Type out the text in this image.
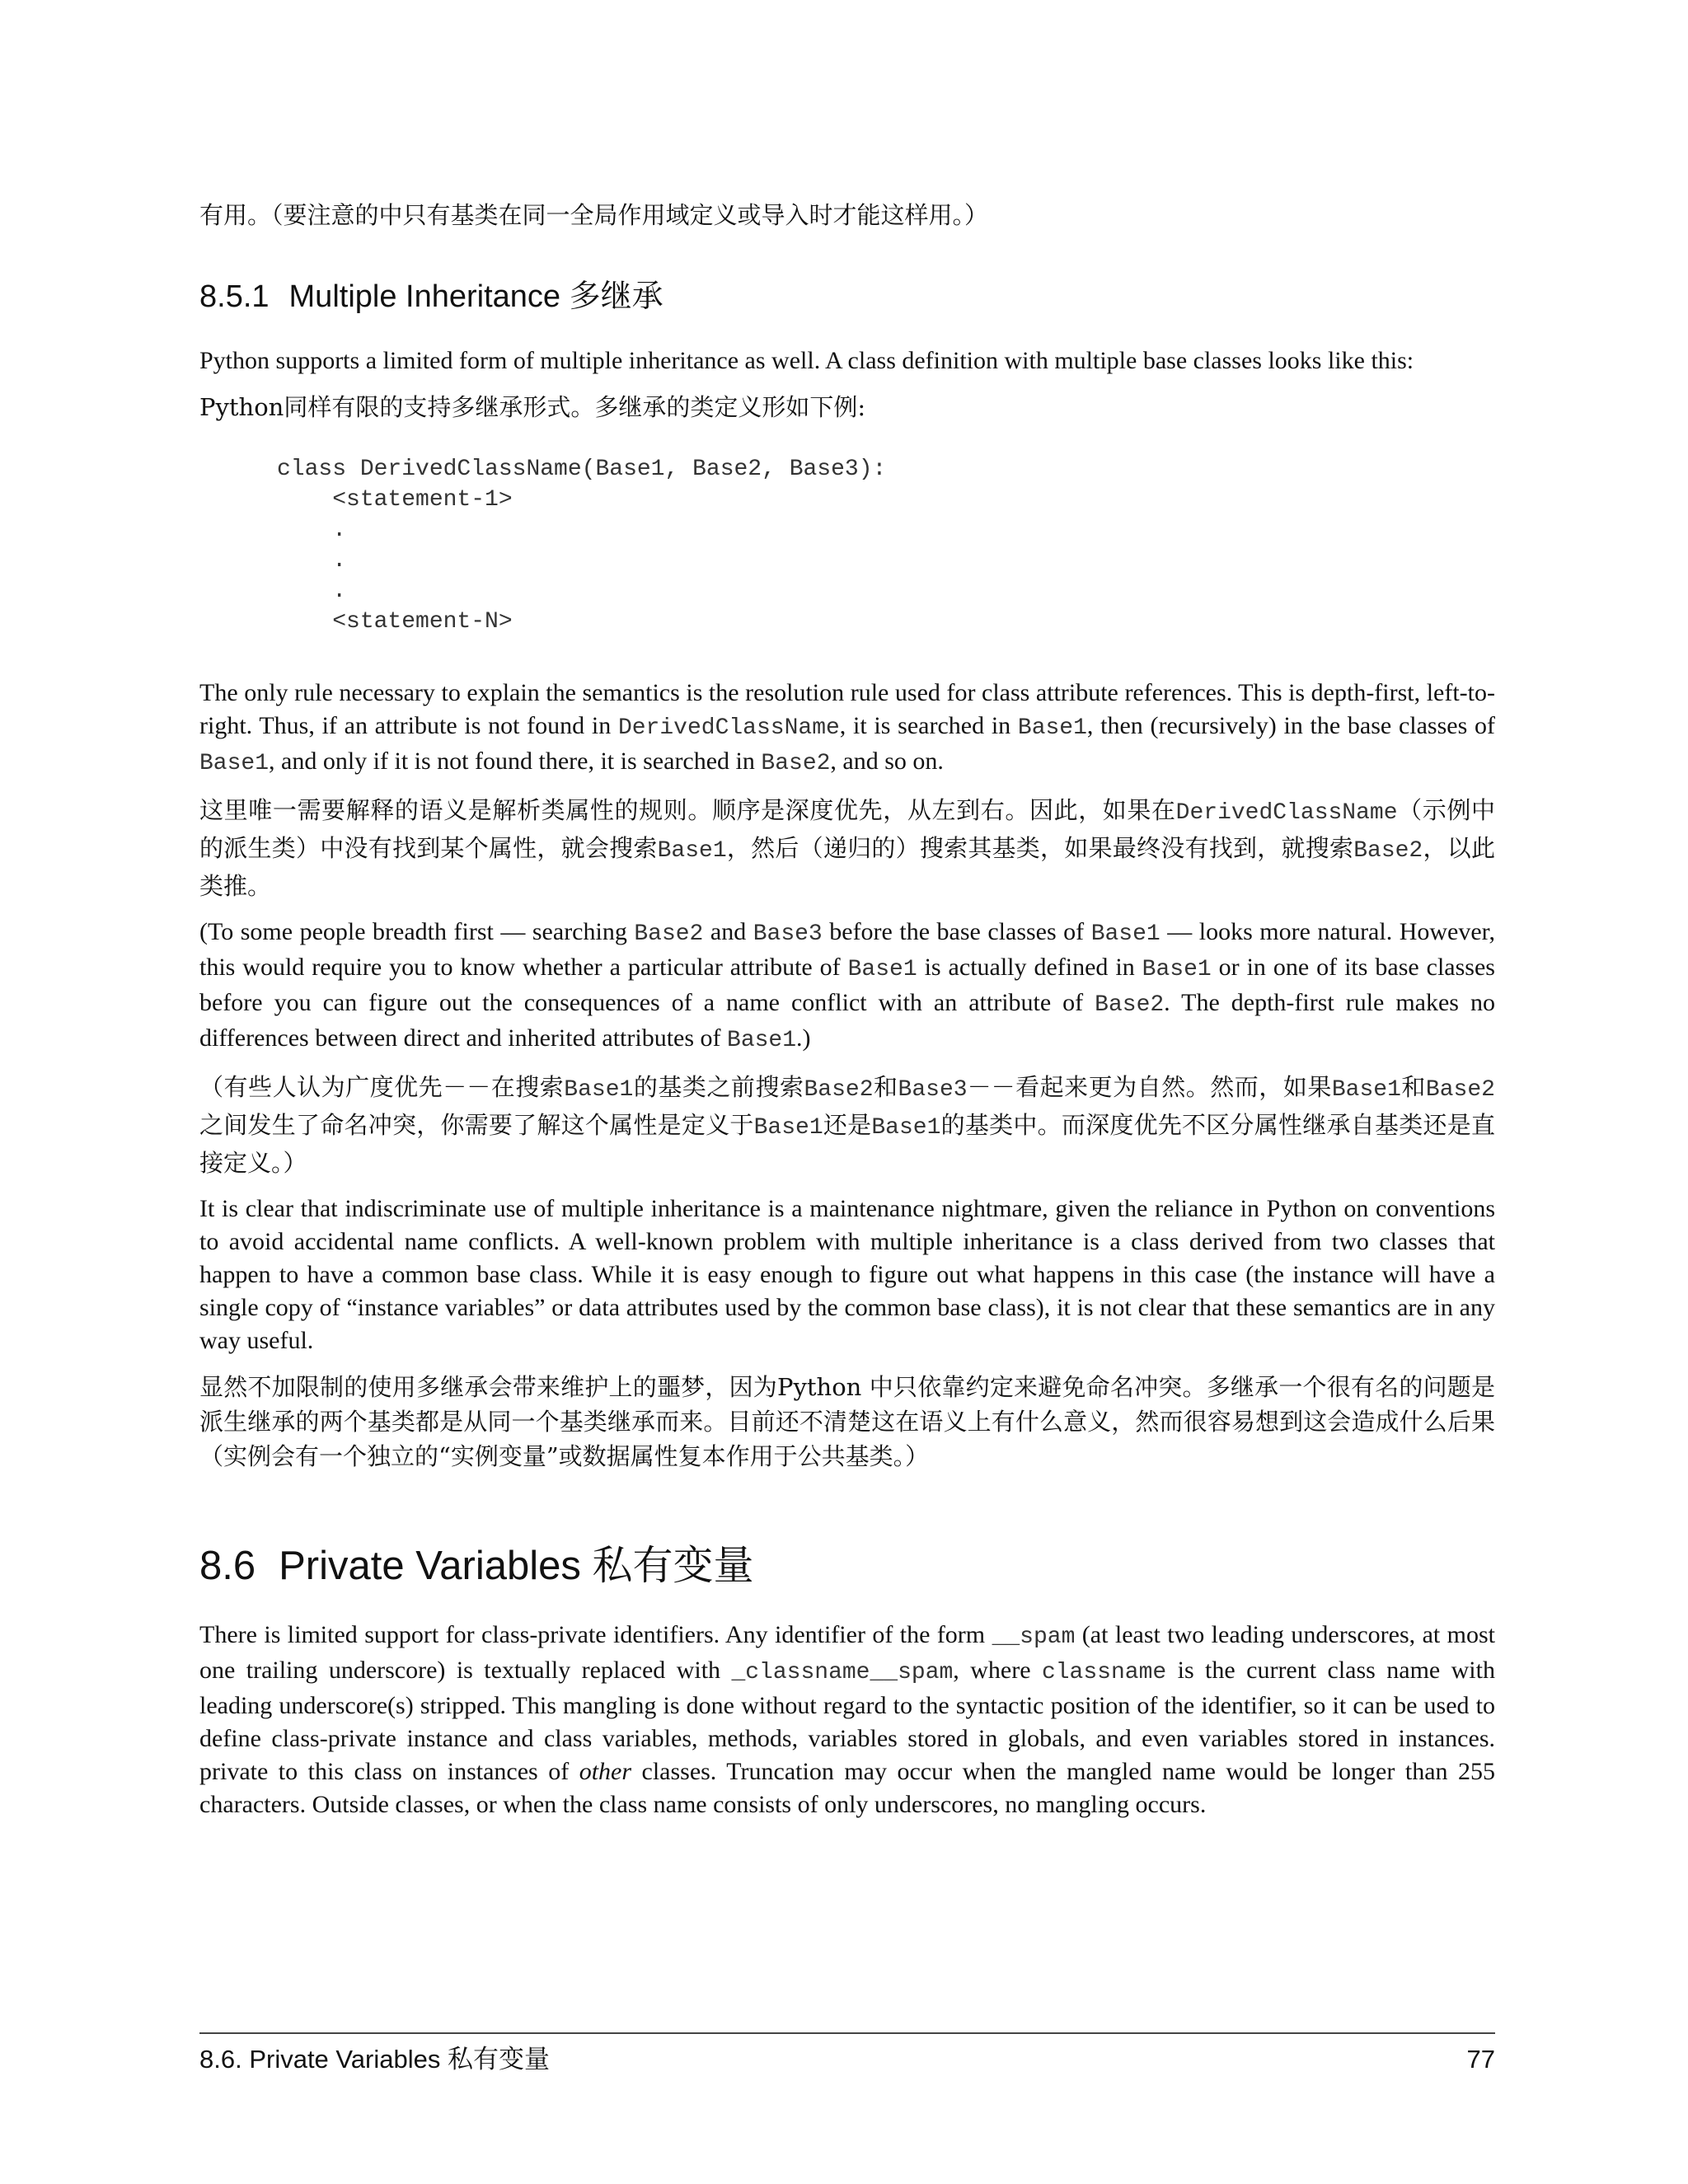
有用。（要注意的中只有基类在同一全局作用域定义或导入时才能这样用。）

8.5.1 Multiple Inheritance 多继承

Python supports a limited form of multiple inheritance as well. A class definition with multiple base classes looks like this:

Python同样有限的支持多继承形式。多继承的类定义形如下例:

class DerivedClassName(Base1, Base2, Base3):
<statement-1>
.
.
.
<statement-N>

The only rule necessary to explain the semantics is the resolution rule used for class attribute references. This is depth-first, left-to-right. Thus, if an attribute is not found in DerivedClassName, it is searched in Base1, then (recursively) in the base classes of Base1, and only if it is not found there, it is searched in Base2, and so on.

这里唯一需要解释的语义是解析类属性的规则。顺序是深度优先，从左到右。因此，如果在DerivedClassName（示例中的派生类）中没有找到某个属性，就会搜索Base1，然后（递归的）搜索其基类，如果最终没有找到，就搜索Base2，以此类推。

(To some people breadth first — searching Base2 and Base3 before the base classes of Base1 — looks more natural. However, this would require you to know whether a particular attribute of Base1 is actually defined in Base1 or in one of its base classes before you can figure out the consequences of a name conflict with an attribute of Base2. The depth-first rule makes no differences between direct and inherited attributes of Base1.)

（有些人认为广度优先－－在搜索Base1的基类之前搜索Base2和Base3－－看起来更为自然。然而，如果Base1和Base2之间发生了命名冲突，你需要了解这个属性是定义于Base1还是Base1的基类中。而深度优先不区分属性继承自基类还是直接定义。）

It is clear that indiscriminate use of multiple inheritance is a maintenance nightmare, given the reliance in Python on conventions to avoid accidental name conflicts. A well-known problem with multiple inheritance is a class derived from two classes that happen to have a common base class. While it is easy enough to figure out what happens in this case (the instance will have a single copy of “instance variables” or data attributes used by the common base class), it is not clear that these semantics are in any way useful.

显然不加限制的使用多继承会带来维护上的噩梦，因为Python 中只依靠约定来避免命名冲突。多继承一个很有名的问题是派生继承的两个基类都是从同一个基类继承而来。目前还不清楚这在语义上有什么意义，然而很容易想到这会造成什么后果（实例会有一个独立的“实例变量”或数据属性复本作用于公共基类。）

8.6 Private Variables 私有变量

There is limited support for class-private identifiers. Any identifier of the form __spam (at least two leading underscores, at most one trailing underscore) is textually replaced with _classname__spam, where classname is the current class name with leading underscore(s) stripped. This mangling is done without regard to the syntactic position of the identifier, so it can be used to define class-private instance and class variables, methods, variables stored in globals, and even variables stored in instances. private to this class on instances of other classes. Truncation may occur when the mangled name would be longer than 255 characters. Outside classes, or when the class name consists of only underscores, no mangling occurs.

8.6. Private Variables 私有变量	77
